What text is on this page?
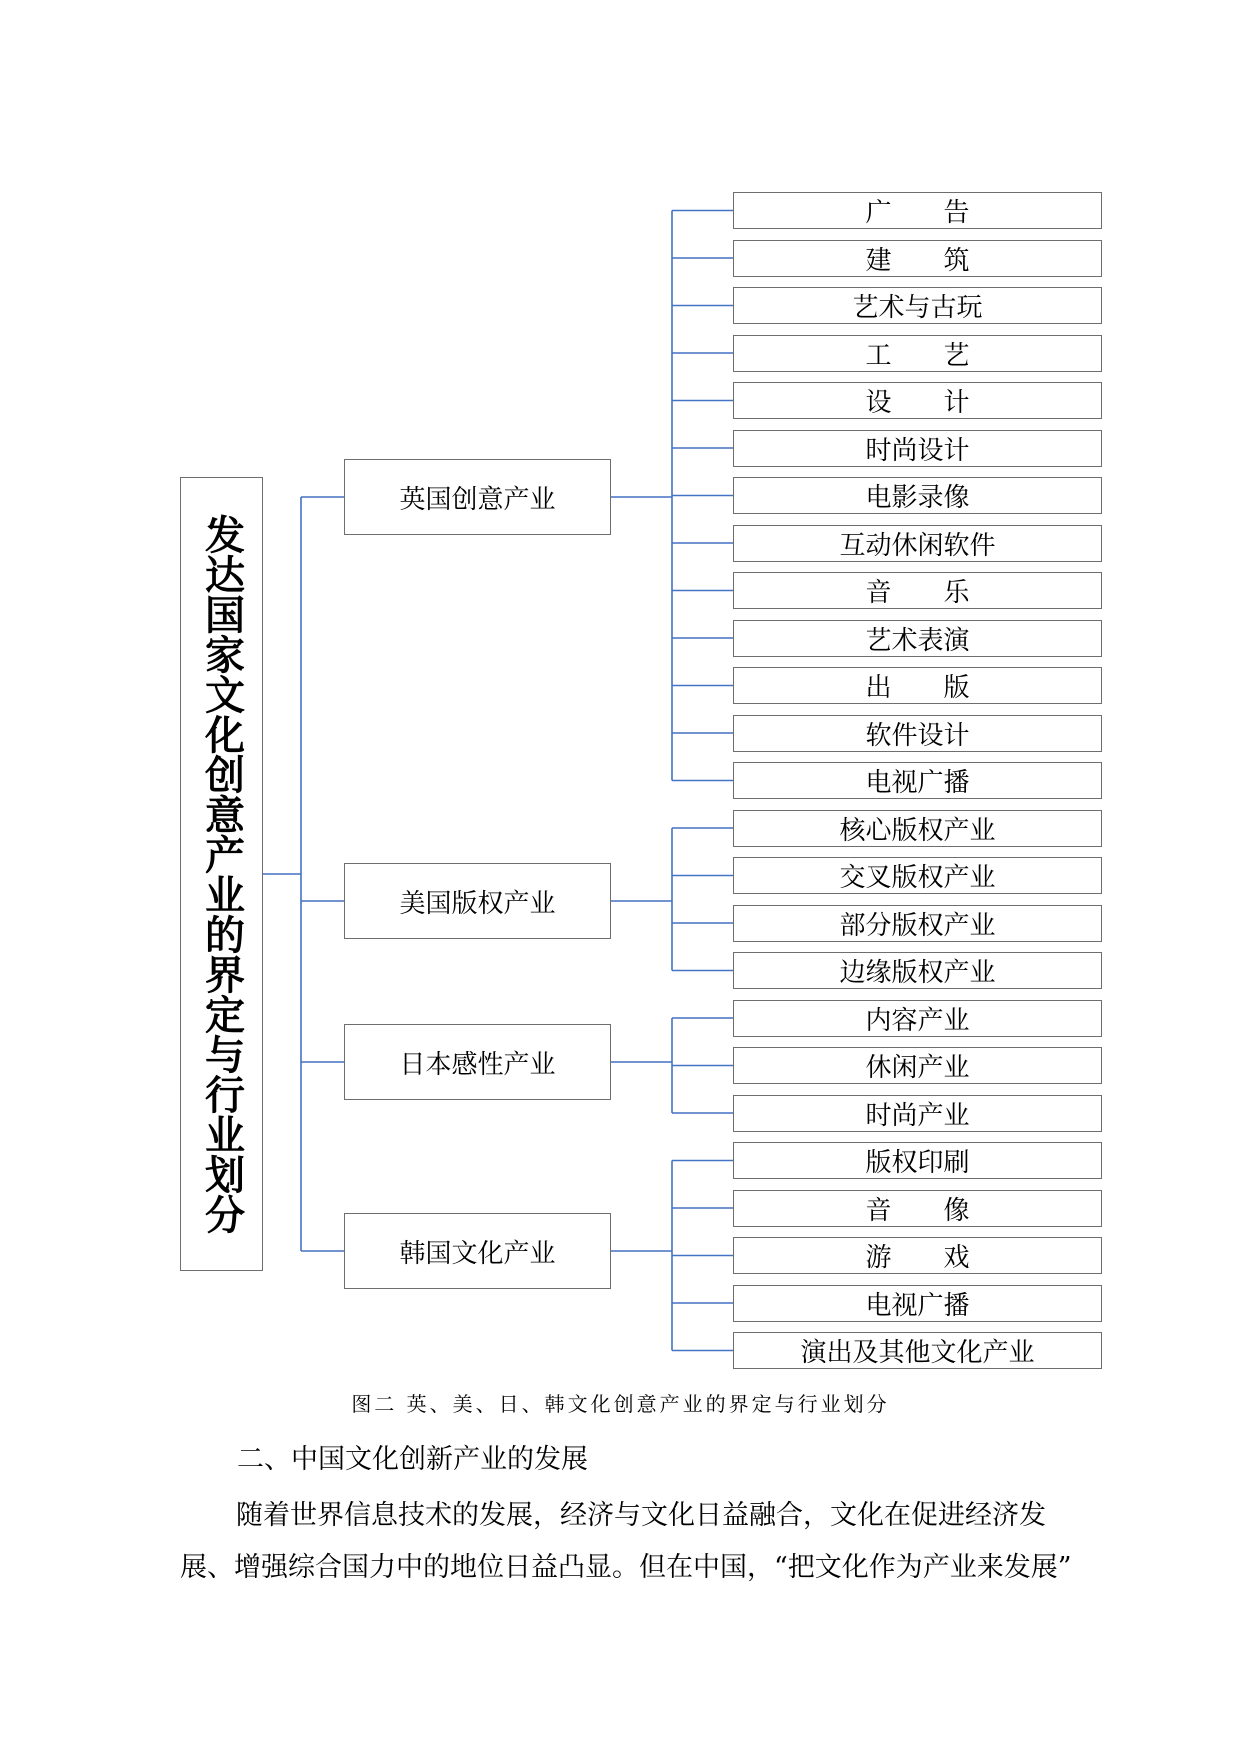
发达国家文化创意产业的界定与行业划分
英国创意产业
美国版权产业
日本感性产业
韩国文化产业
广　　告
建　　筑
艺术与古玩
工　　艺
设　　计
时尚设计
电影录像
互动休闲软件
音　　乐
艺术表演
出　　版
软件设计
电视广播
核心版权产业
交叉版权产业
部分版权产业
边缘版权产业
内容产业
休闲产业
时尚产业
版权印刷
音　　像
游　　戏
电视广播
演出及其他文化产业
图二 英、美、日、韩文化创意产业的界定与行业划分
二、中国文化创新产业的发展
随着世界信息技术的发展，经济与文化日益融合，文化在促进经济发
展、增强综合国力中的地位日益凸显。但在中国，“把文化作为产业来发展”
